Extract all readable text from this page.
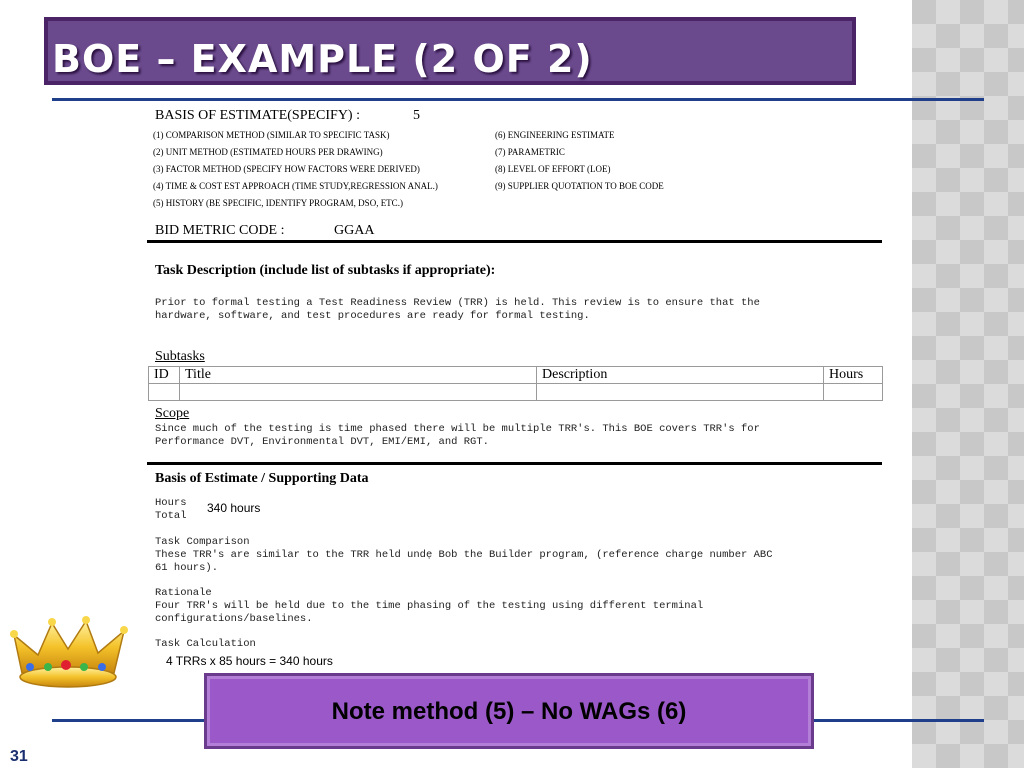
BOE – EXAMPLE (2 OF 2)
BASIS OF ESTIMATE(SPECIFY) :	5
(1) COMPARISON METHOD (SIMILAR TO SPECIFIC TASK)
(2) UNIT METHOD (ESTIMATED HOURS PER DRAWING)
(3) FACTOR METHOD (SPECIFY HOW FACTORS WERE DERIVED)
(4) TIME & COST EST APPROACH (TIME STUDY,REGRESSION ANAL.)
(5) HISTORY (BE SPECIFIC, IDENTIFY PROGRAM, DSO, ETC.)
(6) ENGINEERING ESTIMATE
(7) PARAMETRIC
(8) LEVEL OF EFFORT (LOE)
(9) SUPPLIER QUOTATION TO BOE CODE
BID METRIC CODE :	GGAA
Task Description (include list of subtasks if appropriate):
Prior to formal testing a Test Readiness Review (TRR) is held. This review is to ensure that the
hardware, software, and test procedures are ready for formal testing.
Subtasks
ID	Title	Description	Hours

Scope
Since much of the testing is time phased there will be multiple TRR's. This BOE covers TRR's for
Performance DVT, Environmental DVT, EMI/EMI, and RGT.
Basis of Estimate / Supporting Data
Hours
Total
340 hours
Task Comparison
These TRR's are similar to the TRR held undẹ Bob the Builder program, (reference charge number ABC
61 hours).
Rationale
Four TRR's will be held due to the time phasing of the testing using different terminal
configurations/baselines.
Task Calculation
4 TRRs x 85 hours = 340 hours
Note method (5) – No WAGs (6)
31
